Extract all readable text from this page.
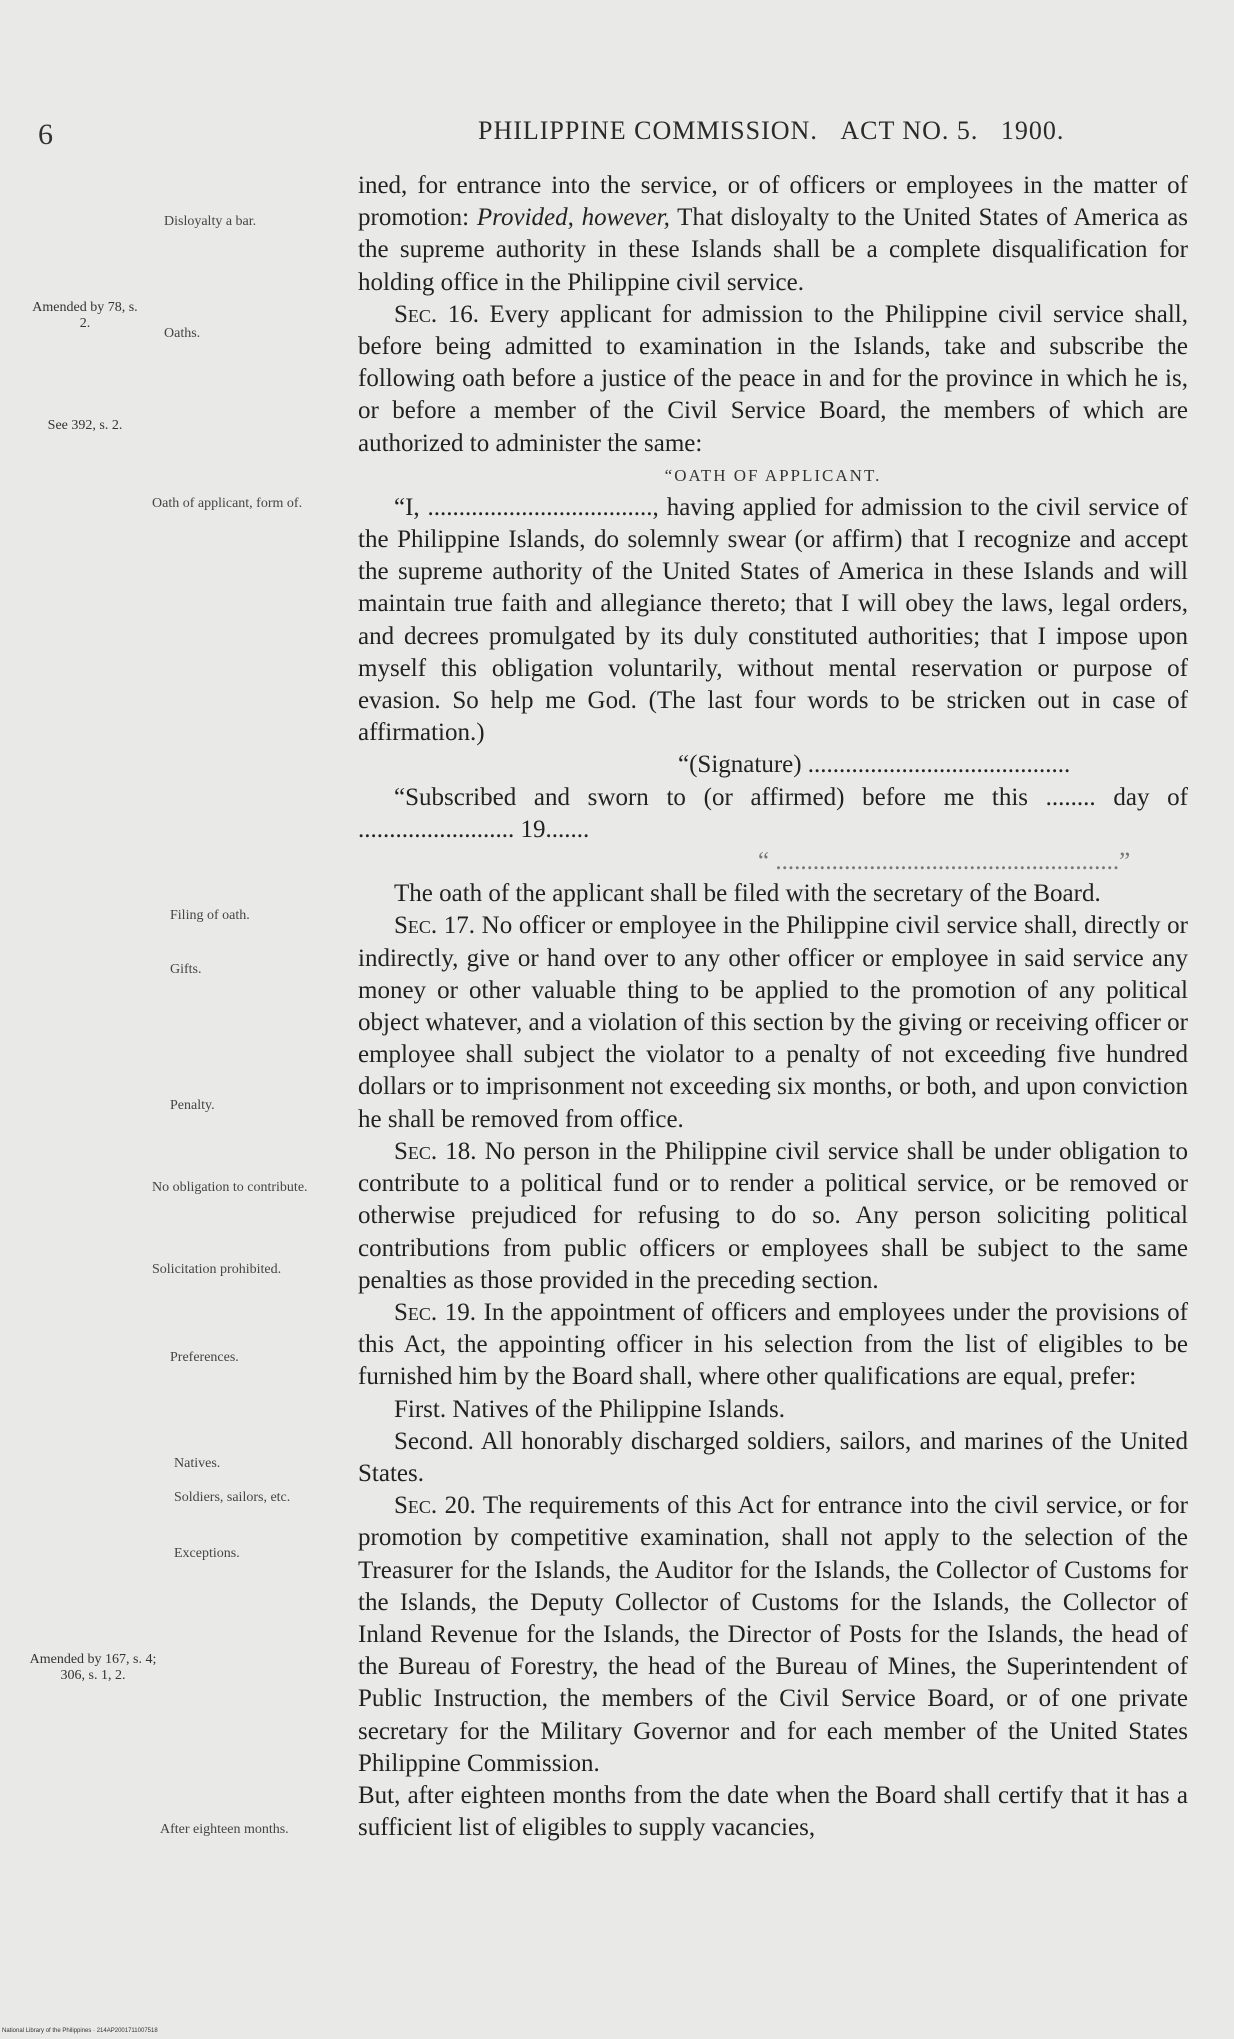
6	PHILIPPINE COMMISSION. ACT NO. 5. 1900.
Amended by 78, s. 2.
See 392, s. 2.
Amended by 167, s. 4; 306, s. 1, 2.
Disloyalty a bar.
Oaths.
Oath of applicant, form of.
Filing of oath.
Gifts.
Penalty.
No obligation to contribute.
Solicitation prohibited.
Preferences.
Natives.
Soldiers, sailors, etc.
Exceptions.
After eighteen months.

ined, for entrance into the service, or of officers or employees in the matter of promotion: Provided, however, That disloyalty to the United States of America as the supreme authority in these Islands shall be a complete disqualification for holding office in the Philippine civil service.

Sec. 16. Every applicant for admission to the Philippine civil service shall, before being admitted to examination in the Islands, take and subscribe the following oath before a justice of the peace in and for the province in which he is, or before a member of the Civil Service Board, the members of which are authorized to administer the same:

“OATH OF APPLICANT.

“I, ...................................., having applied for admission to the civil service of the Philippine Islands, do solemnly swear (or affirm) that I recognize and accept the supreme authority of the United States of America in these Islands and will maintain true faith and allegiance thereto; that I will obey the laws, legal orders, and decrees promulgated by its duly constituted authorities; that I impose upon myself this obligation voluntarily, without mental reservation or purpose of evasion. So help me God. (The last four words to be stricken out in case of affirmation.)

“(Signature) ..........................................

“Subscribed and sworn to (or affirmed) before me this ........ day of ......................... 19.......

“ .......................................................”

The oath of the applicant shall be filed with the secretary of the Board.

Sec. 17. No officer or employee in the Philippine civil service shall, directly or indirectly, give or hand over to any other officer or employee in said service any money or other valuable thing to be applied to the promotion of any political object whatever, and a violation of this section by the giving or receiving officer or employee shall subject the violator to a penalty of not exceeding five hundred dollars or to imprisonment not exceeding six months, or both, and upon conviction he shall be removed from office.

Sec. 18. No person in the Philippine civil service shall be under obligation to contribute to a political fund or to render a political service, or be removed or otherwise prejudiced for refusing to do so. Any person soliciting political contributions from public officers or employees shall be subject to the same penalties as those provided in the preceding section.

Sec. 19. In the appointment of officers and employees under the provisions of this Act, the appointing officer in his selection from the list of eligibles to be furnished him by the Board shall, where other qualifications are equal, prefer:

First. Natives of the Philippine Islands.

Second. All honorably discharged soldiers, sailors, and marines of the United States.

Sec. 20. The requirements of this Act for entrance into the civil service, or for promotion by competitive examination, shall not apply to the selection of the Treasurer for the Islands, the Auditor for the Islands, the Collector of Customs for the Islands, the Deputy Collector of Customs for the Islands, the Collector of Inland Revenue for the Islands, the Director of Posts for the Islands, the head of the Bureau of Forestry, the head of the Bureau of Mines, the Superintendent of Public Instruction, the members of the Civil Service Board, or of one private secretary for the Military Governor and for each member of the United States Philippine Commission.

But, after eighteen months from the date when the Board shall certify that it has a sufficient list of eligibles to supply vacancies,

National Library of the Philippines · 214AP2001711007518
